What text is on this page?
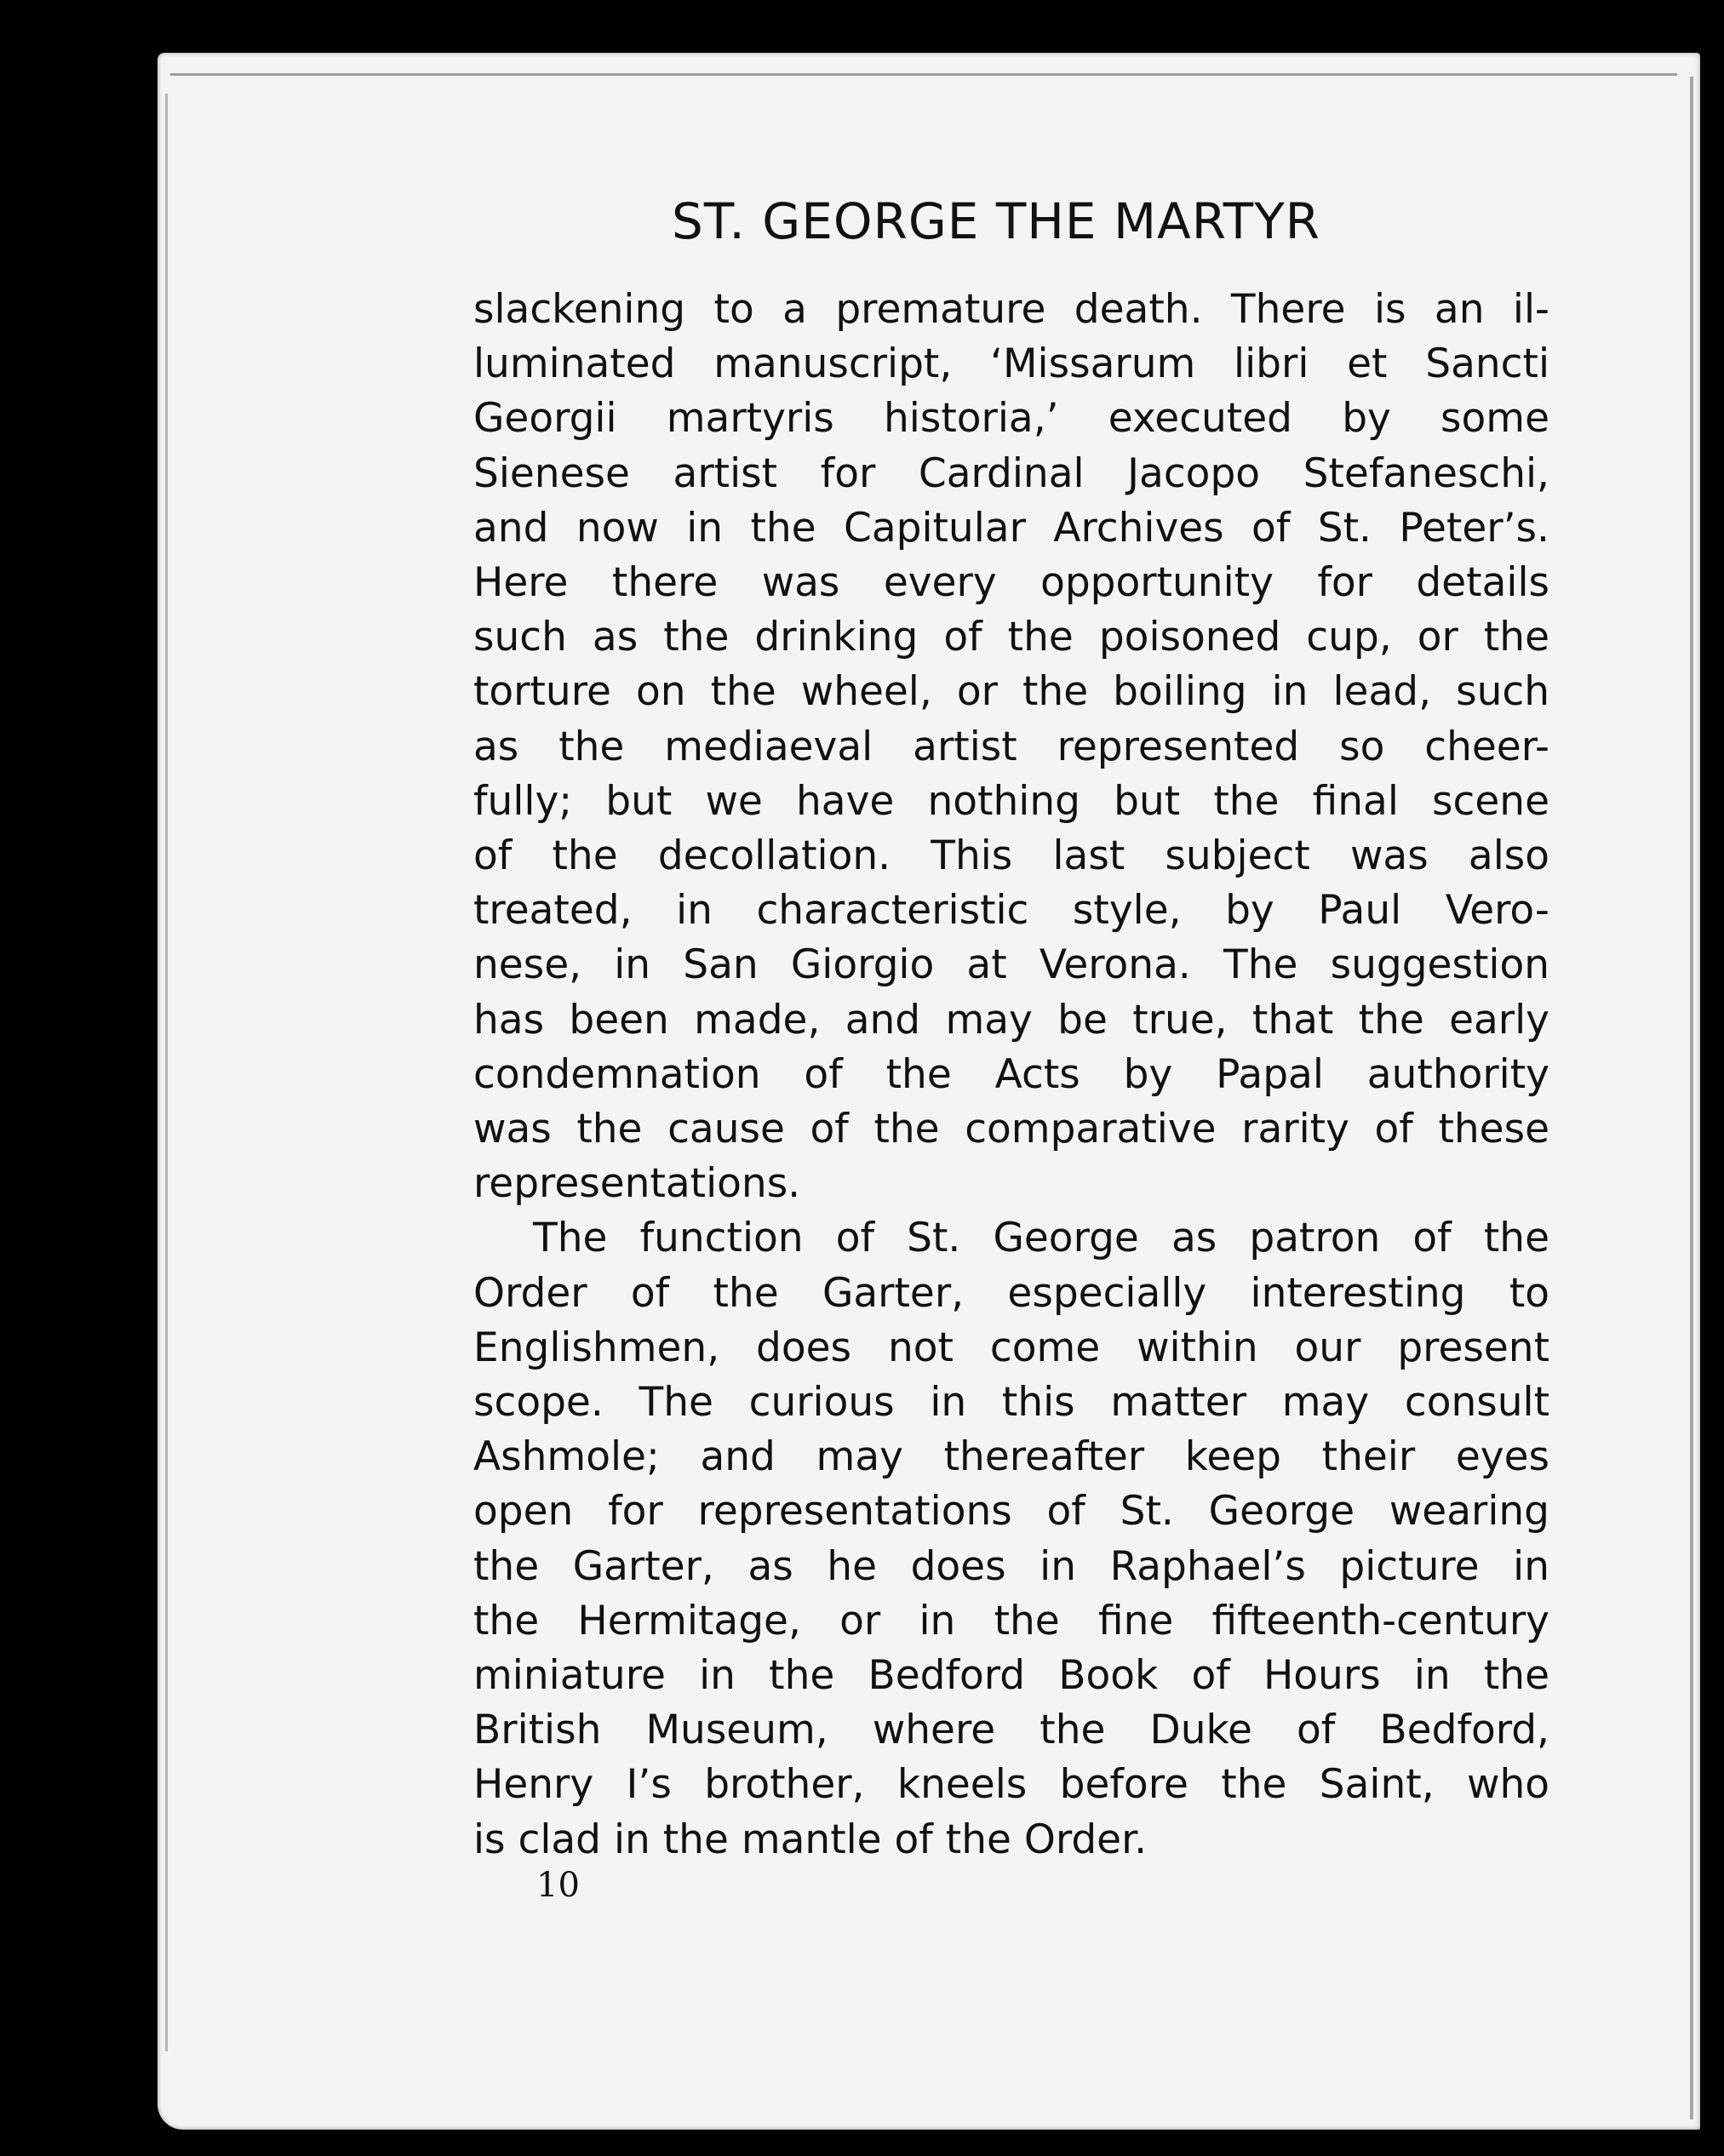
ST. GEORGE THE MARTYR
slackening to a premature death. There is an il-
luminated manuscript, ‘Missarum libri et Sancti
Georgii martyris historia,’ executed by some
Sienese artist for Cardinal Jacopo Stefaneschi,
and now in the Capitular Archives of St. Peter’s.
Here there was every opportunity for details
such as the drinking of the poisoned cup, or the
torture on the wheel, or the boiling in lead, such
as the mediaeval artist represented so cheer-
fully; but we have nothing but the final scene
of the decollation. This last subject was also
treated, in characteristic style, by Paul Vero-
nese, in San Giorgio at Verona. The suggestion
has been made, and may be true, that the early
condemnation of the Acts by Papal authority
was the cause of the comparative rarity of these
representations.
The function of St. George as patron of the
Order of the Garter, especially interesting to
Englishmen, does not come within our present
scope. The curious in this matter may consult
Ashmole; and may thereafter keep their eyes
open for representations of St. George wearing
the Garter, as he does in Raphael’s picture in
the Hermitage, or in the fine fifteenth-century
miniature in the Bedford Book of Hours in the
British Museum, where the Duke of Bedford,
Henry I’s brother, kneels before the Saint, who
is clad in the mantle of the Order.
10
